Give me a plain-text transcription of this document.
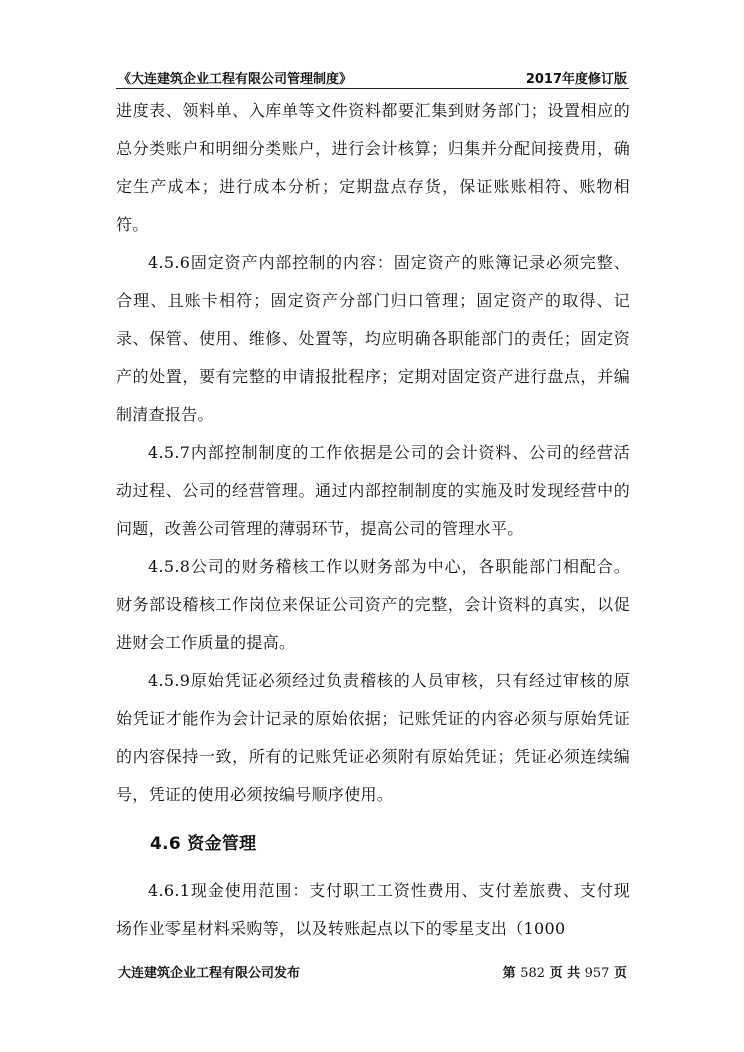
《大连建筑企业工程有限公司管理制度》	2017年度修订版

进度表、领料单、入库单等文件资料都要汇集到财务部门；设置相应的总分类账户和明细分类账户，进行会计核算；归集并分配间接费用，确定生产成本；进行成本分析；定期盘点存货，保证账账相符、账物相符。

4.5.6固定资产内部控制的内容：固定资产的账簿记录必须完整、合理、且账卡相符；固定资产分部门归口管理；固定资产的取得、记录、保管、使用、维修、处置等，均应明确各职能部门的责任；固定资产的处置，要有完整的申请报批程序；定期对固定资产进行盘点，并编制清查报告。

4.5.7内部控制制度的工作依据是公司的会计资料、公司的经营活动过程、公司的经营管理。通过内部控制制度的实施及时发现经营中的问题，改善公司管理的薄弱环节，提高公司的管理水平。

4.5.8公司的财务稽核工作以财务部为中心，各职能部门相配合。财务部设稽核工作岗位来保证公司资产的完整，会计资料的真实，以促进财会工作质量的提高。

4.5.9原始凭证必须经过负责稽核的人员审核，只有经过审核的原始凭证才能作为会计记录的原始依据；记账凭证的内容必须与原始凭证的内容保持一致，所有的记账凭证必须附有原始凭证；凭证必须连续编号，凭证的使用必须按编号顺序使用。

4.6 资金管理

4.6.1现金使用范围：支付职工工资性费用、支付差旅费、支付现场作业零星材料采购等，以及转账起点以下的零星支出（1000

大连建筑企业工程有限公司发布	第 582 页 共 957 页
